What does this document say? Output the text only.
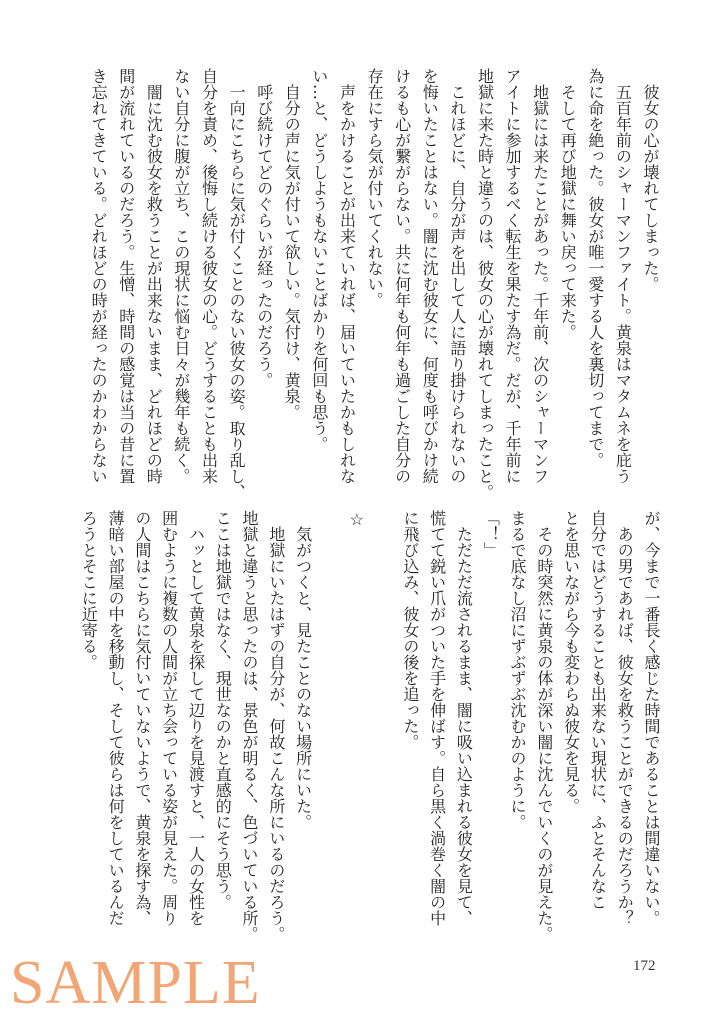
　彼女の心が壊れてしまった。
　五百年前のシャーマンファイト。黄泉はマタムネを庇う
為に命を絶った。彼女が唯一愛する人を裏切ってまで。
　そして再び地獄に舞い戻って来た。
　地獄には来たことがあった。千年前、次のシャーマンフ
アイトに参加するべく転生を果たす為だ。だが、千年前に
地獄に来た時と違うのは、彼女の心が壊れてしまったこと。
　これほどに、自分が声を出して人に語り掛けられないの
を悔いたことはない。闇に沈む彼女に、何度も呼びかけ続
けるも心が繋がらない。共に何年も何年も過ごした自分の
存在にすら気が付いてくれない。
　声をかけることが出来ていれば、届いていたかもしれな
い…と、どうしようもないことばかりを何回も思う。
　自分の声に気が付いて欲しい。気付け、黄泉。
　呼び続けてどのぐらいが経ったのだろう。
　一向にこちらに気が付くことのない彼女の姿。取り乱し、
自分を責め、後悔し続ける彼女の心。どうすることも出来
ない自分に腹が立ち、この現状に悩む日々が幾年も続く。
　闇に沈む彼女を救うことが出来ないまま、どれほどの時
間が流れているのだろう。生憎、時間の感覚は当の昔に置
き忘れてきている。どれほどの時が経ったのかわからない
が、今まで一番長く感じた時間であることは間違いない。
　あの男であれば、彼女を救うことができるのだろうか？
自分ではどうすることも出来ない現状に、ふとそんなこ
とを思いながら今も変わらぬ彼女を見る。
　その時突然に黄泉の体が深い闇に沈んでいくのが見えた。
まるで底なし沼にずぶずぶ沈むかのように。
「！」
　ただただ流されるまま、闇に吸い込まれる彼女を見て、
慌てて鋭い爪がついた手を伸ばす。自ら黒く渦巻く闇の中
に飛び込み、彼女の後を追った。

☆

　気がつくと、見たことのない場所にいた。
　地獄にいたはずの自分が、何故こんな所にいるのだろう。
地獄と違うと思ったのは、景色が明るく、色づいている所。
ここは地獄ではなく、現世なのかと直感的にそう思う。
　ハッとして黄泉を探して辺りを見渡すと、一人の女性を
囲むように複数の人間が立ち会っている姿が見えた。周り
の人間はこちらに気付いていないようで、黄泉を探す為、
薄暗い部屋の中を移動し、そして彼らは何をしているんだ
ろうとそこに近寄る。
172
SAMPLE
